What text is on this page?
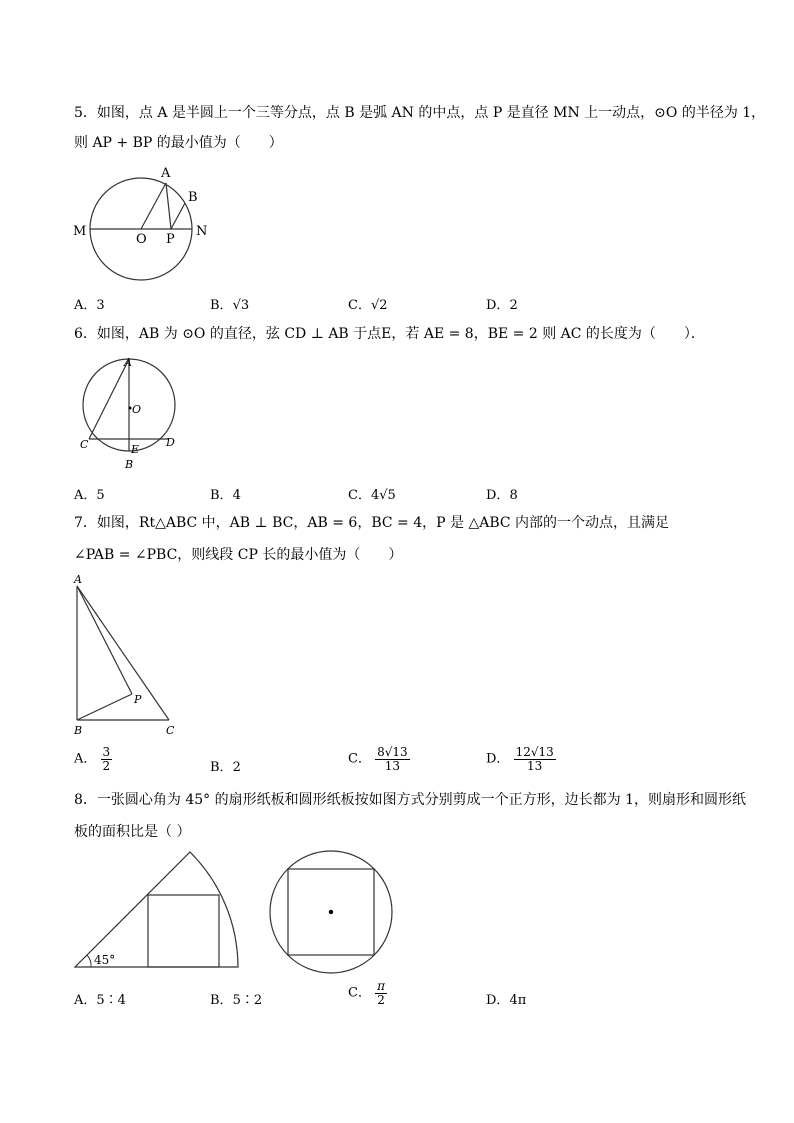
5．如图，点 A 是半圆上一个三等分点，点 B 是弧 AN 的中点，点 P 是直径 MN 上一动点，⊙O 的半径为 1，
则 AP + BP 的最小值为（　　）
A
B
M
O P
N
A．3	B．√3	C．√2	D．2
6．如图，AB 为 ⊙O 的直径，弦 CD ⊥ AB 于点E，若 AE = 8，BE = 2 则 AC 的长度为（　　）．
A
O
C	E
D
B
A．5	B．4	C．4√5	D．8
7．如图，Rt△ABC 中，AB ⊥ BC，AB = 6，BC = 4，P 是 △ABC 内部的一个动点，且满足
∠PAB = ∠PBC，则线段 CP 长的最小值为（　　）
A
B	C
P
A． $\frac{3}{2}$	B．2
C． $\frac{8√13}{13}$	D． $\frac{12√13}{13}$
8．一张圆心角为 45° 的扇形纸板和圆形纸板按如图方式分别剪成一个正方形，边长都为 1，则扇形和圆形纸
板的面积比是（ ）
45°
A．5∶4	B．5∶2	C． $\frac{\pi}{2}$	D．4π
